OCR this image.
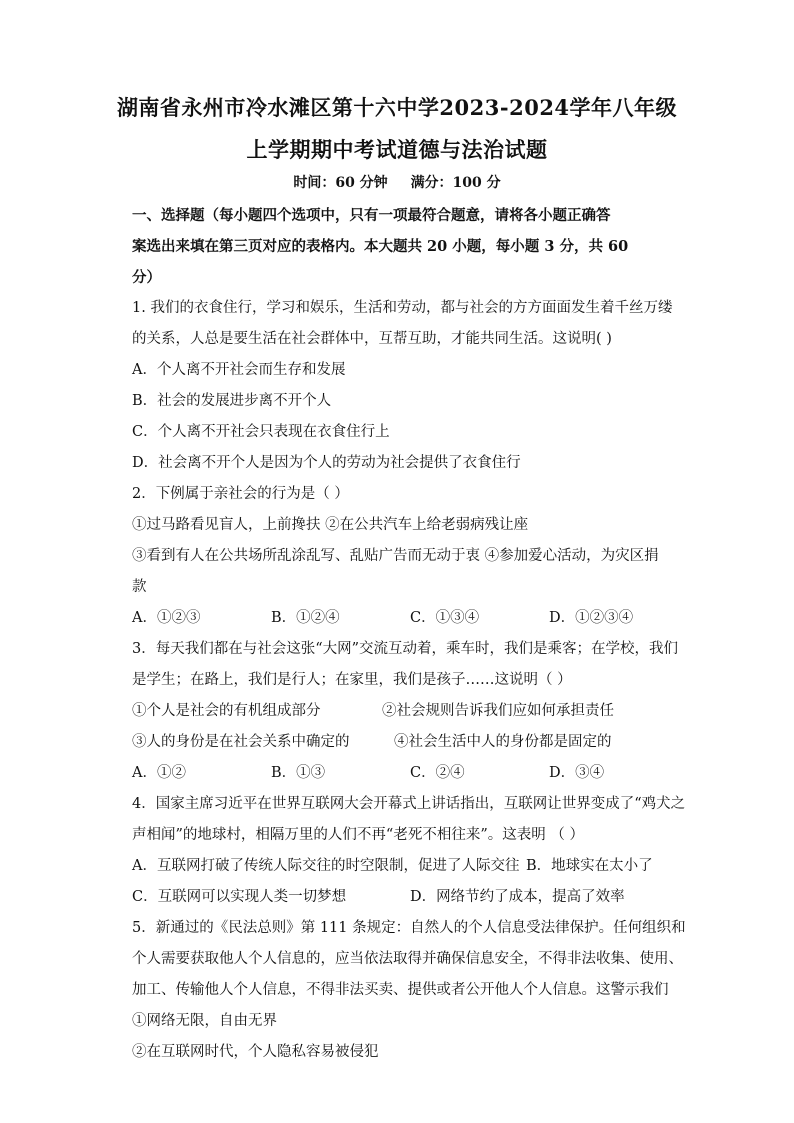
湖南省永州市冷水滩区第十六中学2023-2024学年八年级
上学期期中考试道德与法治试题
时间：60 分钟 满分：100 分

一、选择题（每小题四个选项中，只有一项最符合题意，请将各小题正确答

案选出来填在第三页对应的表格内。本大题共 20 小题，每小题 3 分，共 60

分）

1. 我们的衣食住行，学习和娱乐，生活和劳动，都与社会的方方面面发生着千丝万缕

的关系，人总是要生活在社会群体中，互帮互助，才能共同生活。这说明( )

A．个人离不开社会而生存和发展

B．社会的发展进步离不开个人

C．个人离不开社会只表现在衣食住行上

D．社会离不开个人是因为个人的劳动为社会提供了衣食住行

2．下例属于亲社会的行为是（ ）

①过马路看见盲人，上前搀扶 ②在公共汽车上给老弱病残让座

③看到有人在公共场所乱涂乱写、乱贴广告而无动于衷 ④参加爱心活动，为灾区捐

款

A．①②③	B．①②④	C．①③④	D．①②③④

3．每天我们都在与社会这张“大网”交流互动着，乘车时，我们是乘客；在学校，我们

是学生；在路上，我们是行人；在家里，我们是孩子……这说明（ ）

①个人是社会的有机组成部分	②社会规则告诉我们应如何承担责任
③人的身份是在社会关系中确定的	④社会生活中人的身份都是固定的
A．①②	B．①③	C．②④	D．③④

4．国家主席习近平在世界互联网大会开幕式上讲话指出，互联网让世界变成了“鸡犬之

声相闻”的地球村，相隔万里的人们不再“老死不相往来”。这表明 （ ）

A．互联网打破了传统人际交往的时空限制，促进了人际交往 B．地球实在太小了
C．互联网可以实现人类一切梦想	D．网络节约了成本，提高了效率

5．新通过的《民法总则》第 111 条规定：自然人的个人信息受法律保护。任何组织和

个人需要获取他人个人信息的，应当依法取得并确保信息安全，不得非法收集、使用、

加工、传输他人个人信息，不得非法买卖、提供或者公开他人个人信息。这警示我们

①网络无限，自由无界

②在互联网时代，个人隐私容易被侵犯
